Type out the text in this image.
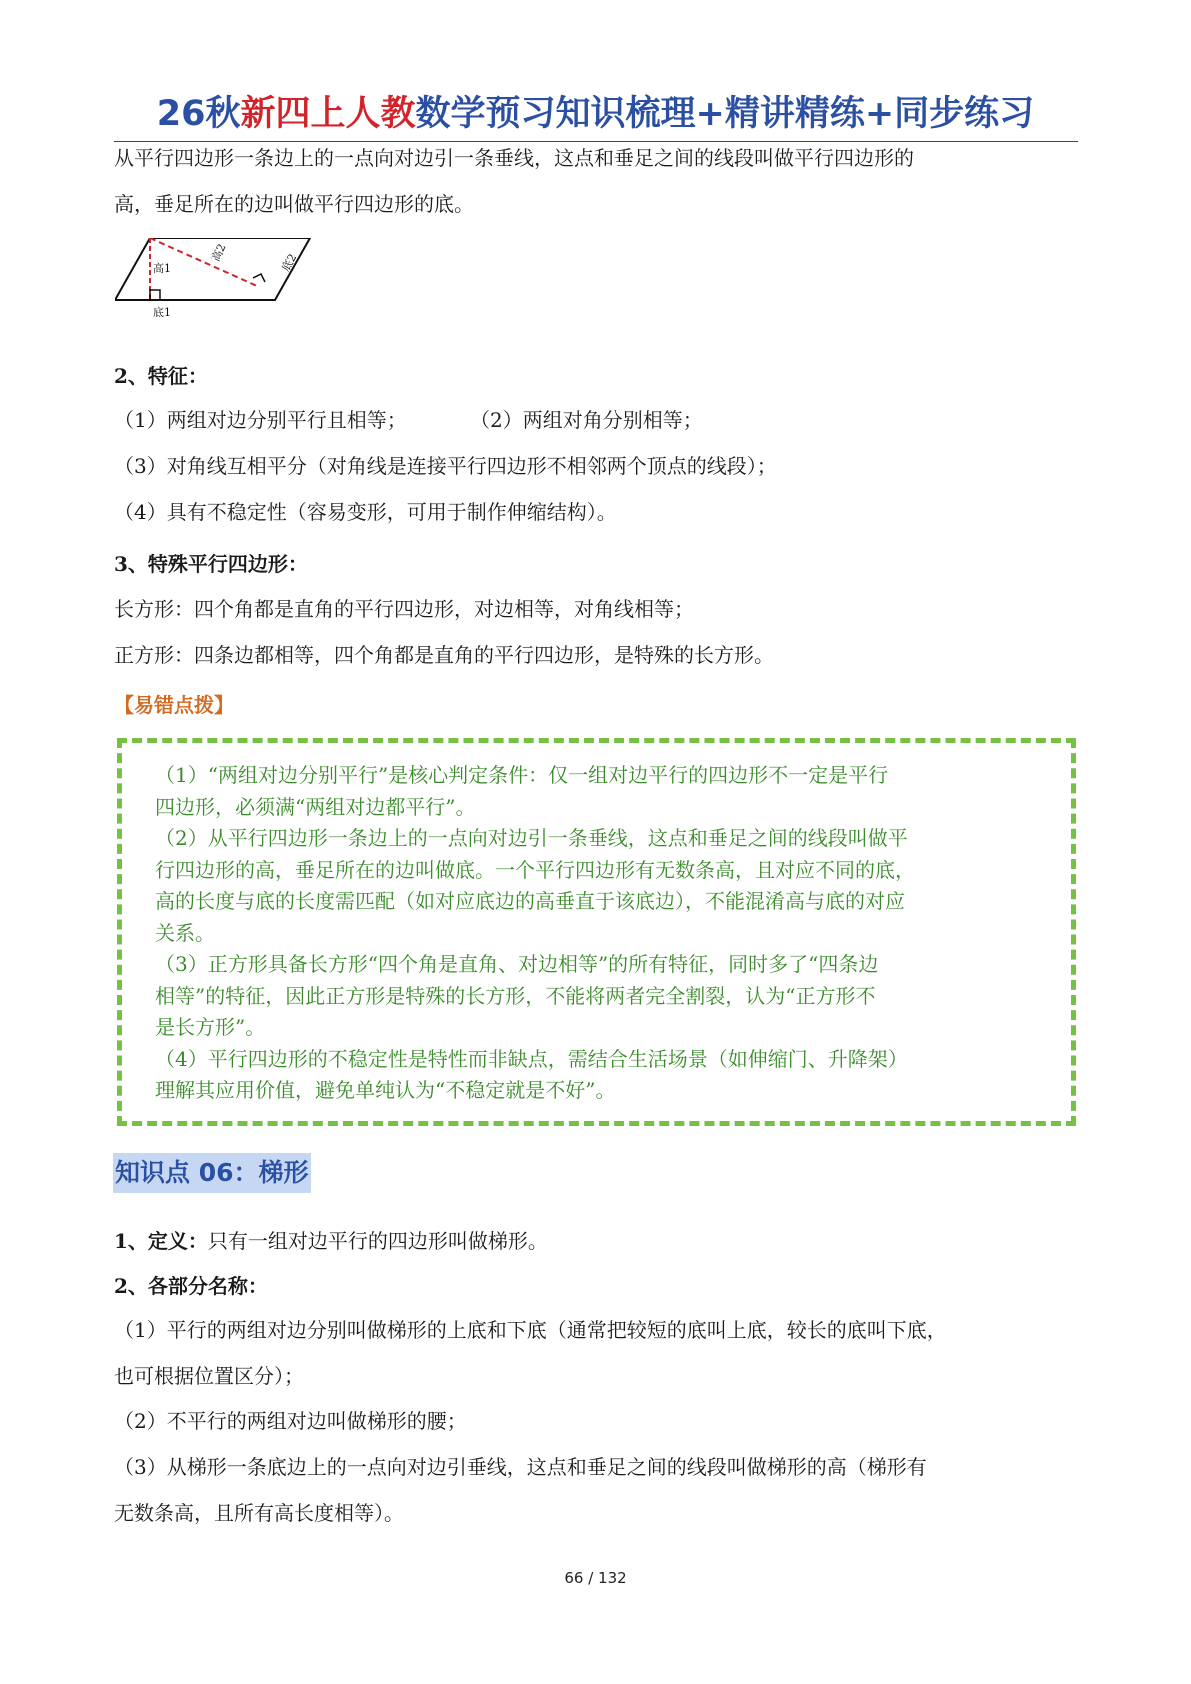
26秋新四上人教数学预习知识梳理+精讲精练+同步练习
从平行四边形一条边上的一点向对边引一条垂线，这点和垂足之间的线段叫做平行四边形的
高，垂足所在的边叫做平行四边形的底。
高1
高2
底1
底2
2、特征：
（1）两组对边分别平行且相等；	（2）两组对角分别相等；
（3）对角线互相平分（对角线是连接平行四边形不相邻两个顶点的线段）；
（4）具有不稳定性（容易变形，可用于制作伸缩结构）。
3、特殊平行四边形：
长方形：四个角都是直角的平行四边形，对边相等，对角线相等；
正方形：四条边都相等，四个角都是直角的平行四边形，是特殊的长方形。
【易错点拨】
（1）“两组对边分别平行”是核心判定条件：仅一组对边平行的四边形不一定是平行
四边形，必须满“两组对边都平行”。
（2）从平行四边形一条边上的一点向对边引一条垂线，这点和垂足之间的线段叫做平
行四边形的高，垂足所在的边叫做底。一个平行四边形有无数条高，且对应不同的底，
高的长度与底的长度需匹配（如对应底边的高垂直于该底边），不能混淆高与底的对应
关系。
（3）正方形具备长方形“四个角是直角、对边相等”的所有特征，同时多了“四条边
相等”的特征，因此正方形是特殊的长方形，不能将两者完全割裂，认为“正方形不
是长方形”。
（4）平行四边形的不稳定性是特性而非缺点，需结合生活场景（如伸缩门、升降架）
理解其应用价值，避免单纯认为“不稳定就是不好”。
知识点 06：梯形
1、定义：只有一组对边平行的四边形叫做梯形。
2、各部分名称：
（1）平行的两组对边分别叫做梯形的上底和下底（通常把较短的底叫上底，较长的底叫下底，
也可根据位置区分）；
（2）不平行的两组对边叫做梯形的腰；
（3）从梯形一条底边上的一点向对边引垂线，这点和垂足之间的线段叫做梯形的高（梯形有
无数条高，且所有高长度相等）。
66 / 132
